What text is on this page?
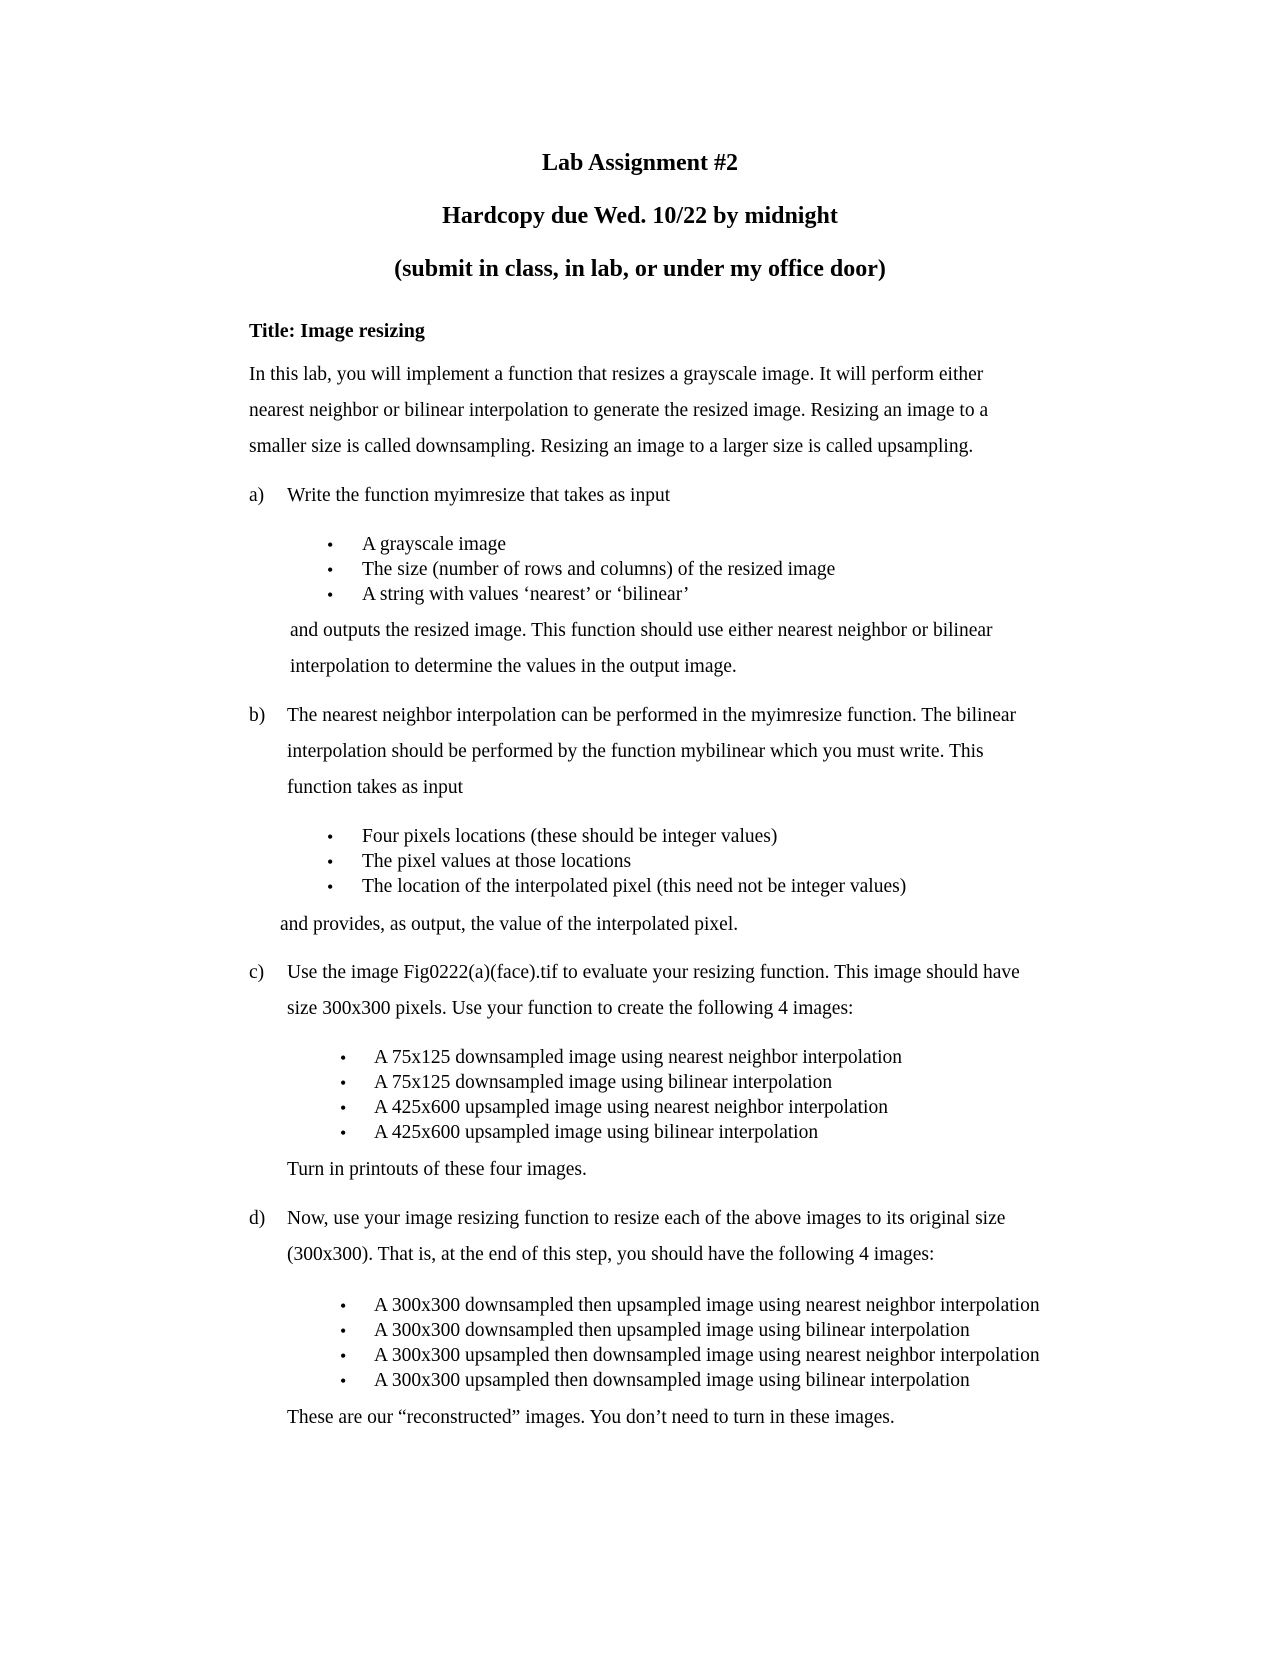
Lab Assignment #2
Hardcopy due Wed. 10/22 by midnight
(submit in class, in lab, or under my office door)
Title: Image resizing
In this lab, you will implement a function that resizes a grayscale image. It will perform either
nearest neighbor or bilinear interpolation to generate the resized image. Resizing an image to a
smaller size is called downsampling. Resizing an image to a larger size is called upsampling.
a) Write the function myimresize that takes as input
• A grayscale image
• The size (number of rows and columns) of the resized image
• A string with values ‘nearest’ or ‘bilinear’
and outputs the resized image. This function should use either nearest neighbor or bilinear
interpolation to determine the values in the output image.
b) The nearest neighbor interpolation can be performed in the myimresize function. The bilinear
interpolation should be performed by the function mybilinear which you must write. This
function takes as input
• Four pixels locations (these should be integer values)
• The pixel values at those locations
• The location of the interpolated pixel (this need not be integer values)
and provides, as output, the value of the interpolated pixel.
c) Use the image Fig0222(a)(face).tif to evaluate your resizing function. This image should have
size 300x300 pixels. Use your function to create the following 4 images:
• A 75x125 downsampled image using nearest neighbor interpolation
• A 75x125 downsampled image using bilinear interpolation
• A 425x600 upsampled image using nearest neighbor interpolation
• A 425x600 upsampled image using bilinear interpolation
Turn in printouts of these four images.
d) Now, use your image resizing function to resize each of the above images to its original size
(300x300). That is, at the end of this step, you should have the following 4 images:
• A 300x300 downsampled then upsampled image using nearest neighbor interpolation
• A 300x300 downsampled then upsampled image using bilinear interpolation
• A 300x300 upsampled then downsampled image using nearest neighbor interpolation
• A 300x300 upsampled then downsampled image using bilinear interpolation
These are our “reconstructed” images. You don’t need to turn in these images.
